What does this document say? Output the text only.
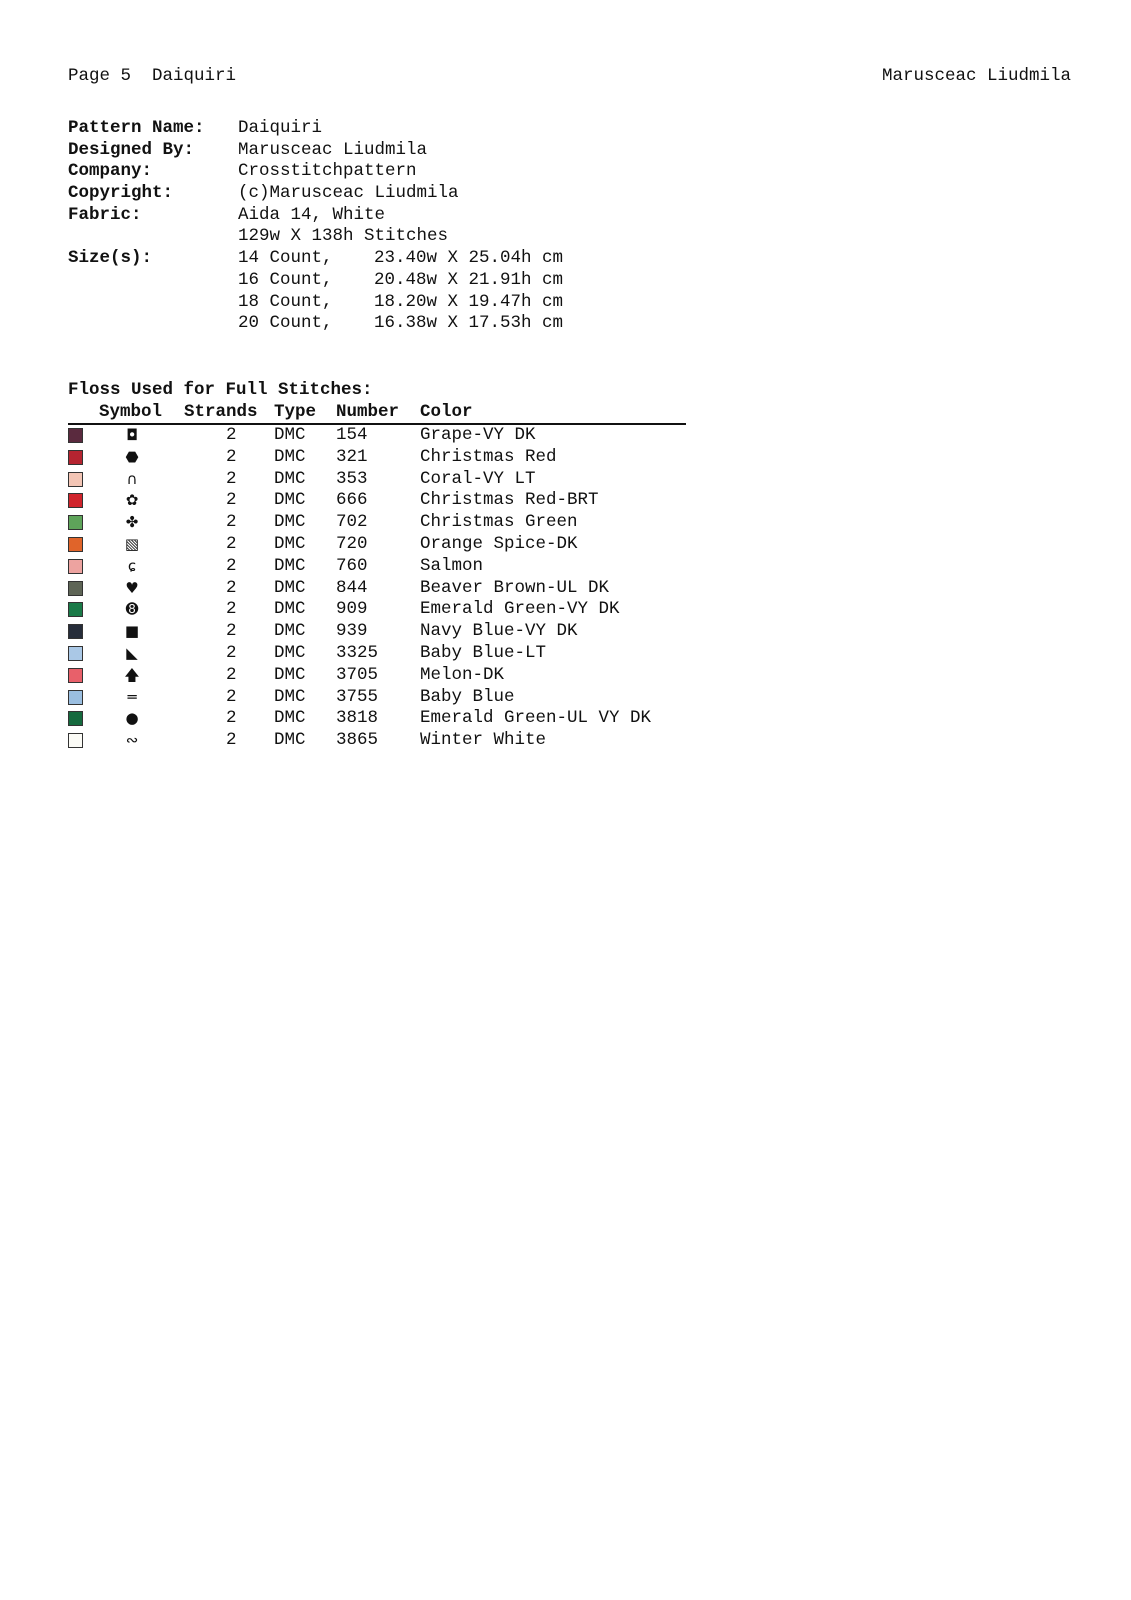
Page 5  Daiquiri	Marusceac Liudmila
Pattern Name:	Daiquiri
Designed By:	Marusceac Liudmila
Company:	Crosstitchpattern
Copyright:	(c)Marusceac Liudmila
Fabric:	Aida 14, White
129w X 138h Stitches
Size(s):	14 Count, 23.40w X 25.04h cm
16 Count, 20.48w X 21.91h cm
18 Count, 18.20w X 19.47h cm
20 Count, 16.38w X 17.53h cm
Floss Used for Full Stitches:
Symbol Strands Type Number Color
◘	2 DMC 154	Grape-VY DK
⬣	2 DMC 321	Christmas Red
∩	2 DMC 353	Coral-VY LT
✿	2 DMC 666	Christmas Red-BRT
✤	2 DMC 702	Christmas Green
▧	2 DMC 720	Orange Spice-DK
ɕ	2 DMC 760	Salmon
♥	2 DMC 844	Beaver Brown-UL DK
➑	2 DMC 909	Emerald Green-VY DK
■	2 DMC 939	Navy Blue-VY DK
◣	2 DMC 3325 Baby Blue-LT
🡅	2 DMC 3705 Melon-DK
═	2 DMC 3755 Baby Blue
●	2 DMC 3818 Emerald Green-UL VY DK
∾	2 DMC 3865 Winter White
